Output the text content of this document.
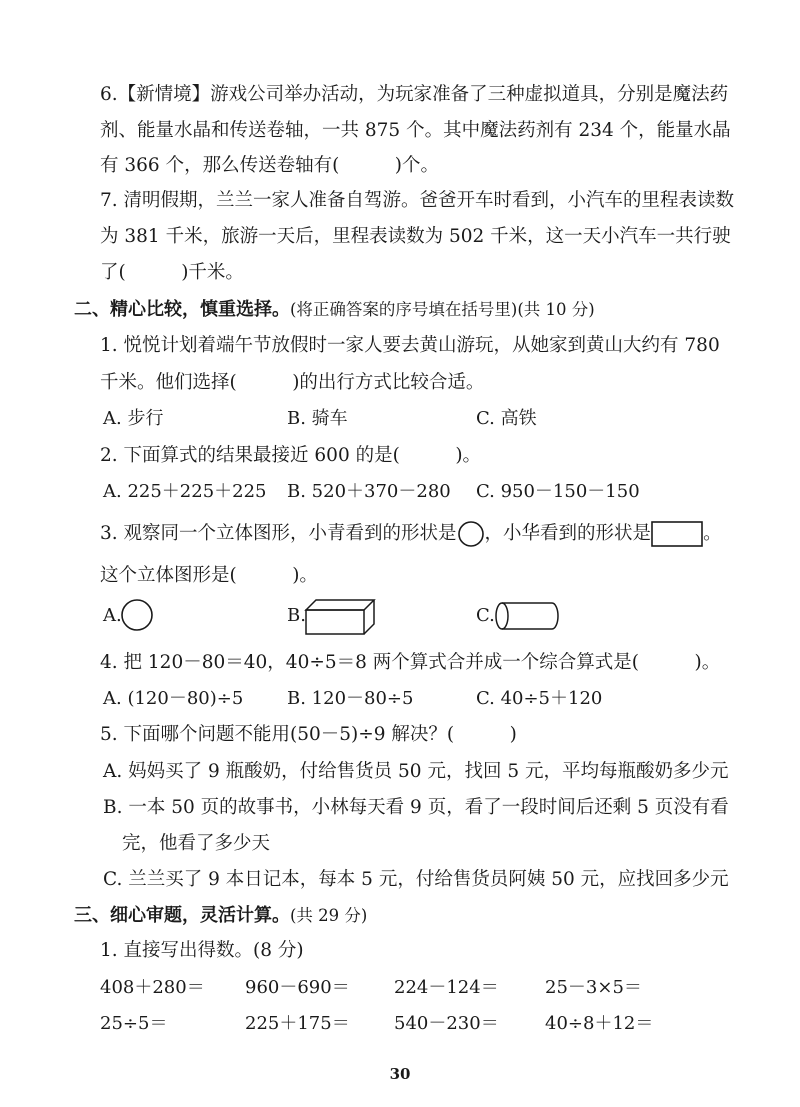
6.【新情境】游戏公司举办活动，为玩家准备了三种虚拟道具，分别是魔法药
剂、能量水晶和传送卷轴，一共 875 个。其中魔法药剂有 234 个，能量水晶
有 366 个，那么传送卷轴有(　　　)个。
7. 清明假期，兰兰一家人准备自驾游。爸爸开车时看到，小汽车的里程表读数
为 381 千米，旅游一天后，里程表读数为 502 千米，这一天小汽车一共行驶
了(　　　)千米。
二、精心比较，慎重选择。(将正确答案的序号填在括号里)(共 10 分)
1. 悦悦计划着端午节放假时一家人要去黄山游玩，从她家到黄山大约有 780
千米。他们选择(　　　)的出行方式比较合适。
A. 步行	B. 骑车	C. 高铁
2. 下面算式的结果最接近 600 的是(　　　)。
A. 225＋225＋225 B. 520＋370－280 C. 950－150－150
3. 观察同一个立体图形，小青看到的形状是 ，小华看到的形状是	。
这个立体图形是(　　　)。
A.	B.	C.
4. 把 120－80＝40，40÷5＝8 两个算式合并成一个综合算式是(　　　)。
A. (120－80)÷5 B. 120－80÷5	C. 40÷5＋120
5. 下面哪个问题不能用(50－5)÷9 解决？(　　　)
A. 妈妈买了 9 瓶酸奶，付给售货员 50 元，找回 5 元，平均每瓶酸奶多少元
B. 一本 50 页的故事书，小林每天看 9 页，看了一段时间后还剩 5 页没有看
完，他看了多少天
C. 兰兰买了 9 本日记本，每本 5 元，付给售货员阿姨 50 元，应找回多少元
三、细心审题，灵活计算。(共 29 分)
1. 直接写出得数。(8 分)
408＋280＝ 960－690＝ 224－124＝	25－3×5＝
25÷5＝	225＋175＝ 540－230＝	40÷8＋12＝
30
